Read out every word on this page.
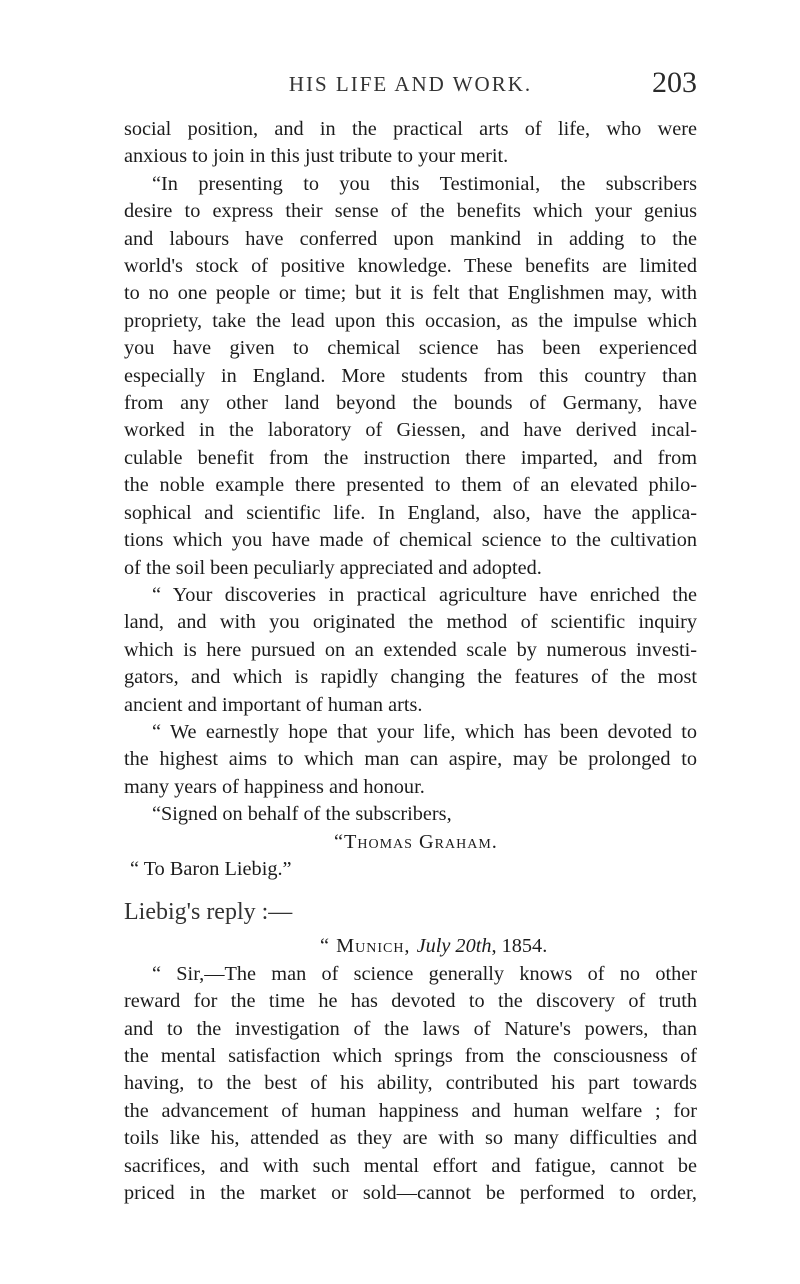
HIS LIFE AND WORK.	203
social position, and in the practical arts of life, who were
anxious to join in this just tribute to your merit.
“In presenting to you this Testimonial, the subscribers
desire to express their sense of the benefits which your genius
and labours have conferred upon mankind in adding to the
world's stock of positive knowledge. These benefits are limited
to no one people or time; but it is felt that Englishmen may, with
propriety, take the lead upon this occasion, as the impulse which
you have given to chemical science has been experienced
especially in England. More students from this country than
from any other land beyond the bounds of Germany, have
worked in the laboratory of Giessen, and have derived incal-
culable benefit from the instruction there imparted, and from
the noble example there presented to them of an elevated philo-
sophical and scientific life. In England, also, have the applica-
tions which you have made of chemical science to the cultivation
of the soil been peculiarly appreciated and adopted.
“ Your discoveries in practical agriculture have enriched the
land, and with you originated the method of scientific inquiry
which is here pursued on an extended scale by numerous investi-
gators, and which is rapidly changing the features of the most
ancient and important of human arts.
“ We earnestly hope that your life, which has been devoted to
the highest aims to which man can aspire, may be prolonged to
many years of happiness and honour.
“Signed on behalf of the subscribers,
“Thomas Graham.
“ To Baron Liebig.”
Liebig's reply :—
“ Munich, July 20th, 1854.
“ Sir,—The man of science generally knows of no other
reward for the time he has devoted to the discovery of truth
and to the investigation of the laws of Nature's powers, than
the mental satisfaction which springs from the consciousness of
having, to the best of his ability, contributed his part towards
the advancement of human happiness and human welfare ; for
toils like his, attended as they are with so many difficulties and
sacrifices, and with such mental effort and fatigue, cannot be
priced in the market or sold—cannot be performed to order,
